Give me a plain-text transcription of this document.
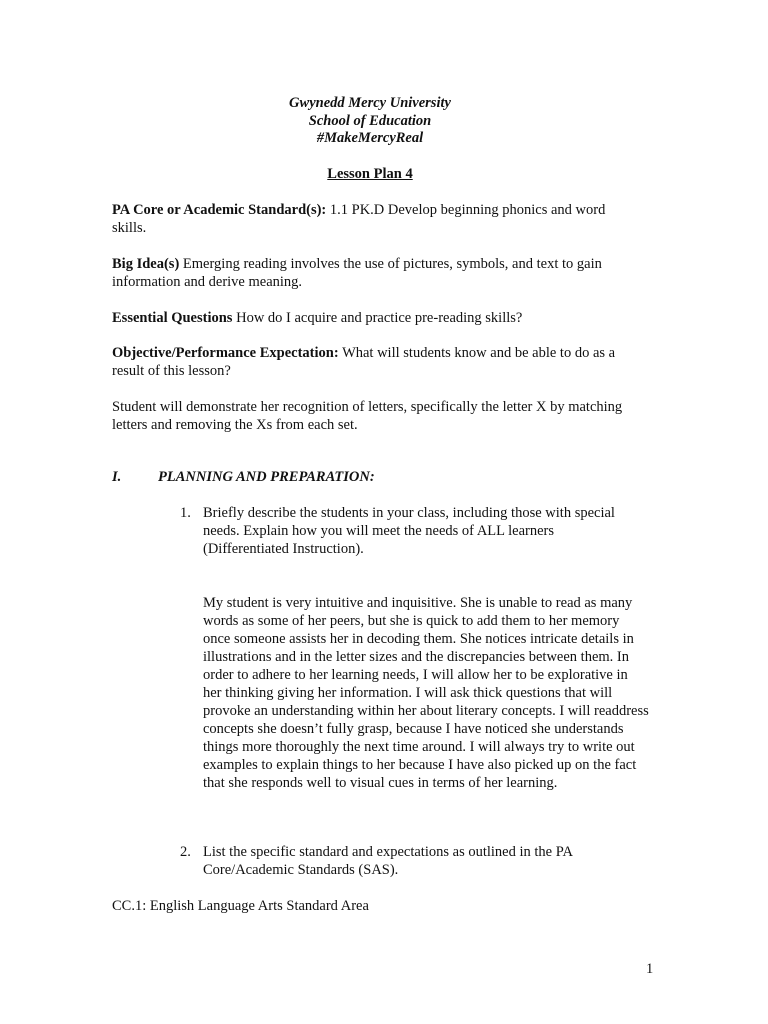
Gwynedd Mercy University
School of Education
#MakeMercyReal
Lesson Plan 4
PA Core or Academic Standard(s): 1.1 PK.D Develop beginning phonics and word skills.
Big Idea(s) Emerging reading involves the use of pictures, symbols, and text to gain information and derive meaning.
Essential Questions How do I acquire and practice pre-reading skills?
Objective/Performance Expectation: What will students know and be able to do as a result of this lesson?
Student will demonstrate her recognition of letters, specifically the letter X by matching letters and removing the Xs from each set.
I.	PLANNING AND PREPARATION:
1. Briefly describe the students in your class, including those with special needs. Explain how you will meet the needs of ALL learners (Differentiated Instruction).
My student is very intuitive and inquisitive. She is unable to read as many words as some of her peers, but she is quick to add them to her memory once someone assists her in decoding them. She notices intricate details in illustrations and in the letter sizes and the discrepancies between them. In order to adhere to her learning needs, I will allow her to be explorative in her thinking giving her information. I will ask thick questions that will provoke an understanding within her about literary concepts. I will readdress concepts she doesn’t fully grasp, because I have noticed she understands things more thoroughly the next time around. I will always try to write out examples to explain things to her because I have also picked up on the fact that she responds well to visual cues in terms of her learning.
2. List the specific standard and expectations as outlined in the PA Core/Academic Standards (SAS).
CC.1: English Language Arts Standard Area
1
